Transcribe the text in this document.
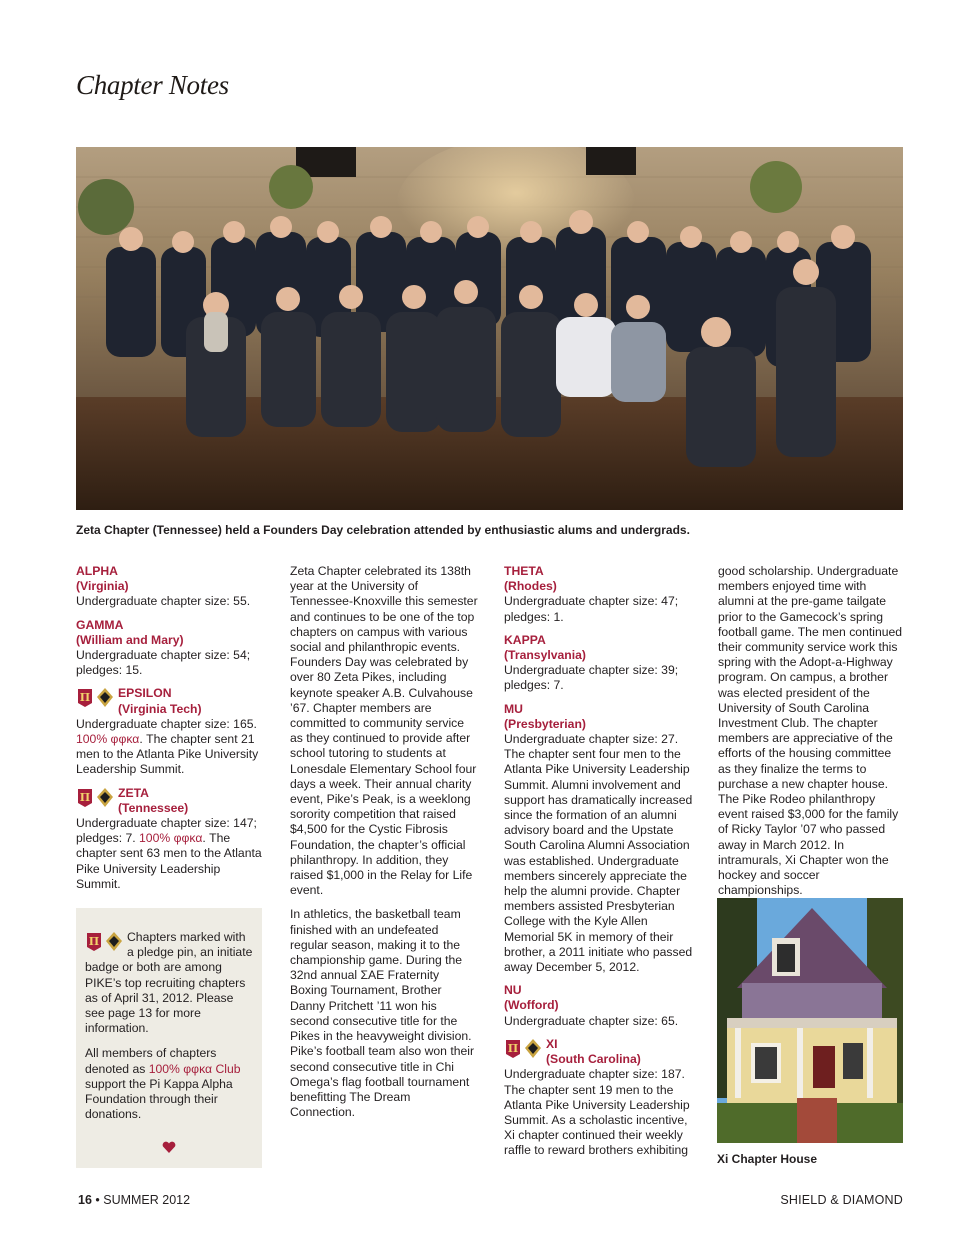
Chapter Notes
Zeta Chapter (Tennessee) held a Founders Day celebration attended by enthusiastic alums and undergrads.

ALPHA

(Virginia)

Undergraduate chapter size: 55.

GAMMA

(William and Mary)

Undergraduate chapter size: 54; pledges: 15.

Π EPSILON

(Virginia Tech)

Undergraduate chapter size: 165. 100% φφκα. The chapter sent 21 men to the Atlanta Pike University Leadership Summit.

Π ZETA

(Tennessee)

Undergraduate chapter size: 147; pledges: 7. 100% φφκα. The chapter sent 63 men to the Atlanta Pike University Leadership Summit.

Π Chapters marked with a pledge pin, an initiate badge or both are among PIKE’s top recruiting chapters as of April 31, 2012. Please see page 13 for more information.

All members of chapters denoted as 100% φφκα Club support the Pi Kappa Alpha Foundation through their donations.

Zeta Chapter celebrated its 138th year at the University of Tennessee-Knoxville this semester and continues to be one of the top chapters on campus with various social and philanthropic events. Founders Day was celebrated by over 80 Zeta Pikes, including keynote speaker A.B. Culvahouse ’67. Chapter members are committed to community service as they continued to provide after school tutoring to students at Lonesdale Elementary School four days a week. Their annual charity event, Pike’s Peak, is a weeklong sorority competition that raised $4,500 for the Cystic Fibrosis Foundation, the chapter’s official philanthropy. In addition, they raised $1,000 in the Relay for Life event.

In athletics, the basketball team finished with an undefeated regular season, making it to the championship game. During the 32nd annual ΣAE Fraternity Boxing Tournament, Brother Danny Pritchett ’11 won his second consecutive title for the Pikes in the heavyweight division. Pike’s football team also won their second consecutive title in Chi Omega’s flag football tournament benefitting The Dream Connection.

THETA

(Rhodes)

Undergraduate chapter size: 47; pledges: 1.

KAPPA

(Transylvania)

Undergraduate chapter size: 39; pledges: 7.

MU

(Presbyterian)

Undergraduate chapter size: 27. The chapter sent four men to the Atlanta Pike University Leadership Summit. Alumni involvement and support has dramatically increased since the formation of an alumni advisory board and the Upstate South Carolina Alumni Association was established. Undergraduate members sincerely appreciate the help the alumni provide. Chapter members assisted Presbyterian College with the Kyle Allen Memorial 5K in memory of their brother, a 2011 initiate who passed away December 5, 2012.

NU

(Wofford)

Undergraduate chapter size: 65.

Π XI

(South Carolina)

Undergraduate chapter size: 187. The chapter sent 19 men to the Atlanta Pike University Leadership Summit. As a scholastic incentive, Xi chapter continued their weekly raffle to reward brothers exhibiting

good scholarship. Undergraduate members enjoyed time with alumni at the pre-game tailgate prior to the Gamecock’s spring football game. The men continued their community service work this spring with the Adopt-a-Highway program. On campus, a brother was elected president of the University of South Carolina Investment Club. The chapter members are appreciative of the efforts of the housing committee as they finalize the terms to purchase a new chapter house. The Pike Rodeo philanthropy event raised $3,000 for the family of Ricky Taylor ’07 who passed away in March 2012. In intramurals, Xi Chapter won the hockey and soccer championships.

Xi Chapter House
16 • SUMMER 2012	SHIELD & DIAMOND
